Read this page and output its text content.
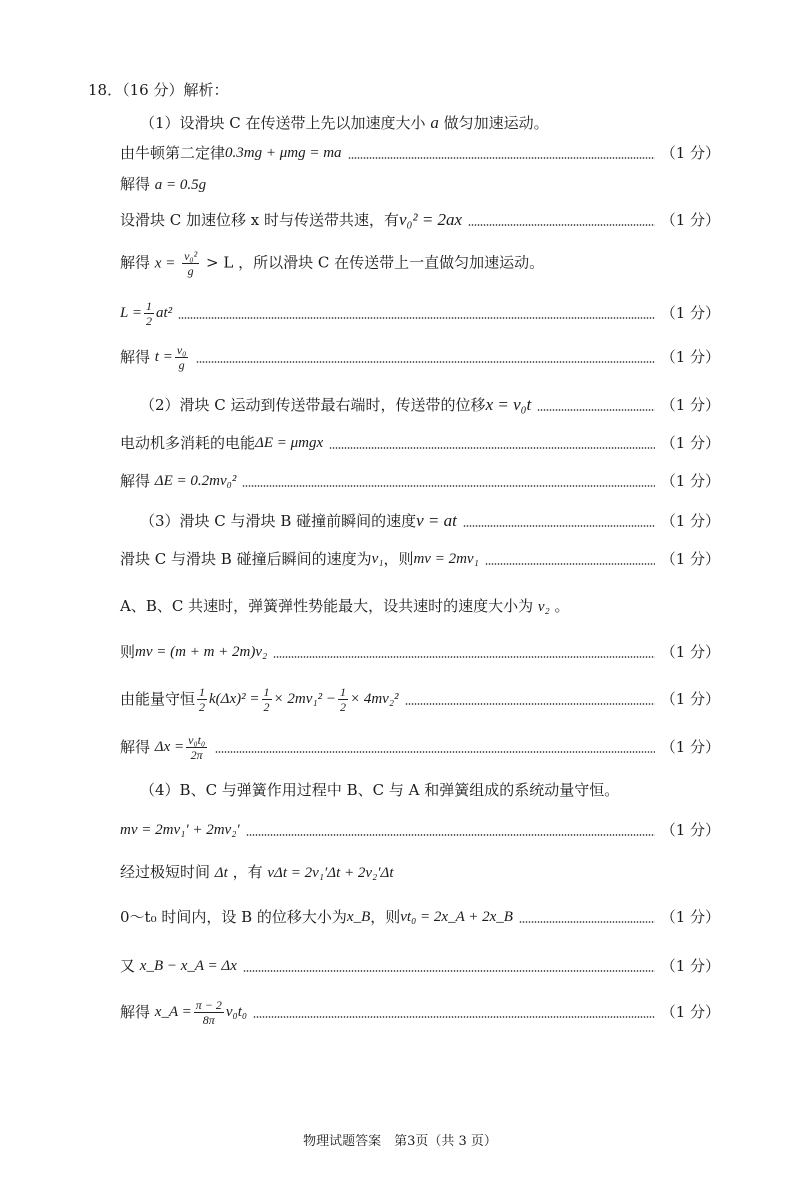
18．（16 分）解析：
（1）设滑块 C 在传送带上先以加速度大小 a 做匀加速运动。
由牛顿第二定律 0.3mg + μmg = ma	（1 分）
解得 a = 0.5g
设滑块 C 加速位移 x 时与传送带共速，有 v₀² = 2ax	（1 分）
解得 $x = \frac{\text{v₀²}}{g} > L$ ，所以滑块 C 在传送带上一直做匀加速运动。
$L = \frac{1}{2} at^2$	（1 分）
解得
$t = \frac{\text{v₀}}{g}$	（1 分）
（2）滑块 C 运动到传送带最右端时，传送带的位移 x = v₀t	（1 分）
电动机多消耗的电能 ΔE = μmgx	（1 分）
解得
ΔE = 0.2mv₀²	（1 分）
（3）滑块 C 与滑块 B 碰撞前瞬间的速度 v = at	（1 分）
滑块 C 与滑块 B 碰撞后瞬间的速度为 v₁ ，则 mv = 2mv₁	（1 分）
A、B、C 共速时，弹簧弹性势能最大，设共速时的速度大小为 v₂ 。
则 mv = (m + m + 2m)v₂	（1 分）
由能量守恒 $\frac{1}{2} k(\Delta x)^2 = \frac{1}{2} \times 2mv_1^2 - \frac{1}{2} \times 4mv_2^2$	（1 分）
解得
$\Delta x = \frac{\text{v₀t₀}}{2\pi}$	（1 分）
（4）B、C 与弹簧作用过程中 B、C 与 A 和弹簧组成的系统动量守恒。
mv = 2mv₁′ + 2mv₂′	（1 分）
经过极短时间 Δt ，有 vΔt = 2v₁′Δt + 2v₂′Δt
0～t₀ 时间内，设 B 的位移大小为 x_B ，则 vt₀ = 2x_A + 2x_B	（1 分）
又
x_B − x_A = Δx	（1 分）
解得
x_A = $\frac{\pi - 2}{8\pi} v_0t_0$	（1 分）
物理试题答案　第3页（共 3 页）
